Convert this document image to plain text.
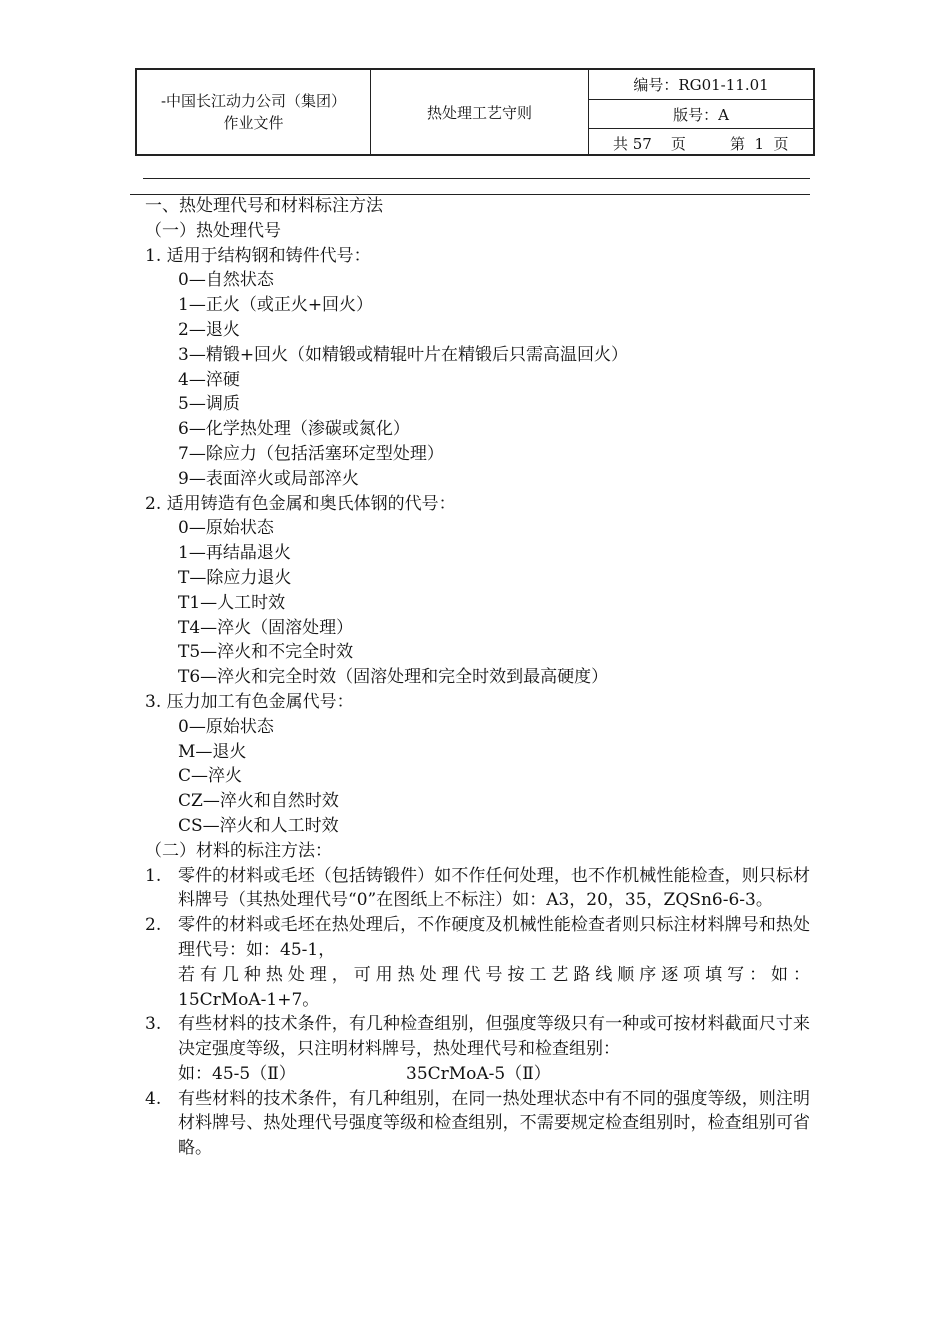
-中国长江动力公司（集团）
作业文件
热处理工艺守则
编号：RG01-11.01
版号：A
共 57    页	第  1  页
一、热处理代号和材料标注方法
（一）热处理代号
1. 适用于结构钢和铸件代号：
0—自然状态
1—正火（或正火+回火）
2—退火
3—精锻+回火（如精锻或精辊叶片在精锻后只需高温回火）
4—淬硬
5—调质
6—化学热处理（渗碳或氮化）
7—除应力（包括活塞环定型处理）
9—表面淬火或局部淬火
2. 适用铸造有色金属和奥氏体钢的代号：
0—原始状态
1—再结晶退火
T—除应力退火
T1—人工时效
T4—淬火（固溶处理）
T5—淬火和不完全时效
T6—淬火和完全时效（固溶处理和完全时效到最高硬度）
3. 压力加工有色金属代号：
0—原始状态
M—退火
C—淬火
CZ—淬火和自然时效
CS—淬火和人工时效
（二）材料的标注方法：
1. 零件的材料或毛坯（包括铸锻件）如不作任何处理，也不作机械性能检查，则只标材料牌号（其热处理代号“0”在图纸上不标注）如：A3，20，35，ZQSn6-6-3。
2. 零件的材料或毛坯在热处理后，不作硬度及机械性能检查者则只标注材料牌号和热处理代号：如：45-1，
若有几种热处理，可用热处理代号按工艺路线顺序逐项填写：如：
15CrMoA-1+7。
3. 有些材料的技术条件，有几种检查组别，但强度等级只有一种或可按材料截面尺寸来决定强度等级，只注明材料牌号，热处理代号和检查组别：
如：45-5（Ⅱ）	35CrMoA-5（Ⅱ）
4. 有些材料的技术条件，有几种组别，在同一热处理状态中有不同的强度等级，则注明材料牌号、热处理代号强度等级和检查组别，不需要规定检查组别时，检查组别可省略。
